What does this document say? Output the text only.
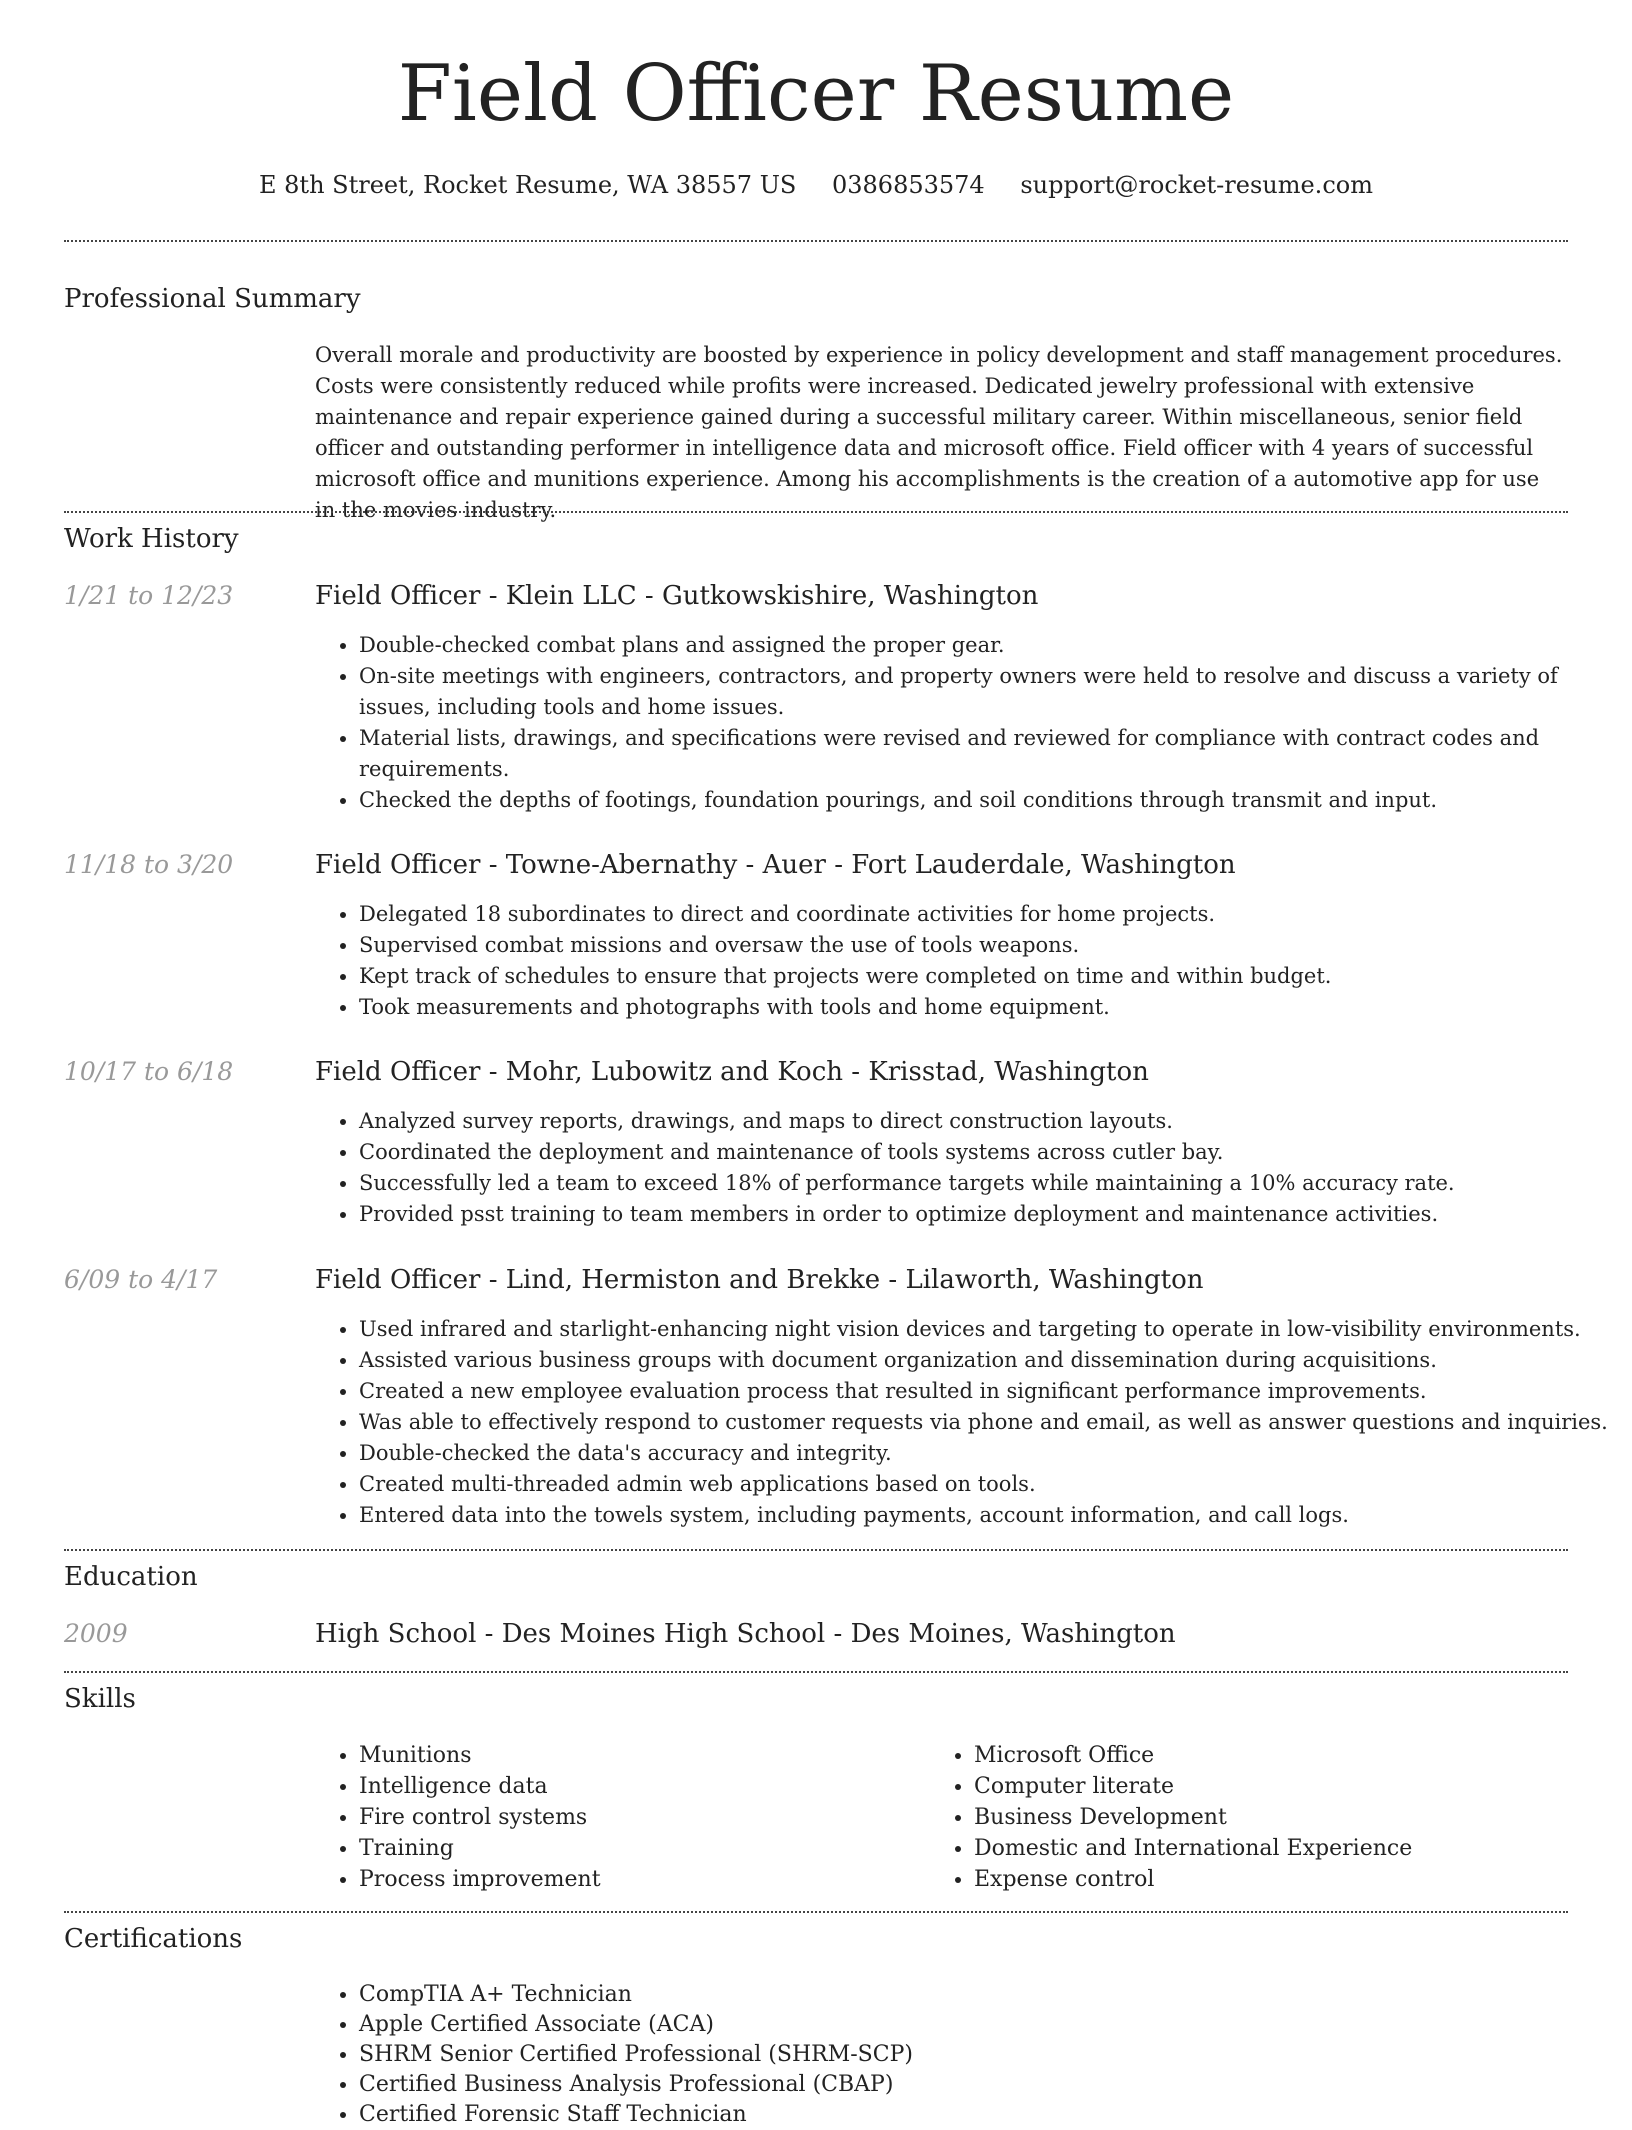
Field Officer Resume
E 8th Street, Rocket Resume, WA 38557 US 0386853574 support@rocket-resume.com
Professional Summary
Overall morale and productivity are boosted by experience in policy development and staff management procedures. Costs were consistently reduced while profits were increased. Dedicated jewelry professional with extensive maintenance and repair experience gained during a successful military career. Within miscellaneous, senior field officer and outstanding performer in intelligence data and microsoft office. Field officer with 4 years of successful microsoft office and munitions experience. Among his accomplishments is the creation of a automotive app for use in the movies industry.
Work History
1/21 to 12/23	Field Officer - Klein LLC - Gutkowskishire, Washington
• Double-checked combat plans and assigned the proper gear.
• On-site meetings with engineers, contractors, and property owners were held to resolve and discuss a variety of issues, including tools and home issues.
• Material lists, drawings, and specifications were revised and reviewed for compliance with contract codes and requirements.
• Checked the depths of footings, foundation pourings, and soil conditions through transmit and input.
11/18 to 3/20	Field Officer - Towne-Abernathy - Auer - Fort Lauderdale, Washington
• Delegated 18 subordinates to direct and coordinate activities for home projects.
• Supervised combat missions and oversaw the use of tools weapons.
• Kept track of schedules to ensure that projects were completed on time and within budget.
• Took measurements and photographs with tools and home equipment.
10/17 to 6/18	Field Officer - Mohr, Lubowitz and Koch - Krisstad, Washington
• Analyzed survey reports, drawings, and maps to direct construction layouts.
• Coordinated the deployment and maintenance of tools systems across cutler bay.
• Successfully led a team to exceed 18% of performance targets while maintaining a 10% accuracy rate.
• Provided psst training to team members in order to optimize deployment and maintenance activities.
6/09 to 4/17	Field Officer - Lind, Hermiston and Brekke - Lilaworth, Washington
• Used infrared and starlight-enhancing night vision devices and targeting to operate in low-visibility environments.
• Assisted various business groups with document organization and dissemination during acquisitions.
• Created a new employee evaluation process that resulted in significant performance improvements.
• Was able to effectively respond to customer requests via phone and email, as well as answer questions and inquiries.
• Double-checked the data's accuracy and integrity.
• Created multi-threaded admin web applications based on tools.
• Entered data into the towels system, including payments, account information, and call logs.
Education
2009	High School - Des Moines High School - Des Moines, Washington
Skills
• Munitions
• Intelligence data
• Fire control systems
• Training
• Process improvement
• Microsoft Office
• Computer literate
• Business Development
• Domestic and International Experience
• Expense control
Certifications
• CompTIA A+ Technician
• Apple Certified Associate (ACA)
• SHRM Senior Certified Professional (SHRM-SCP)
• Certified Business Analysis Professional (CBAP)
• Certified Forensic Staff Technician
